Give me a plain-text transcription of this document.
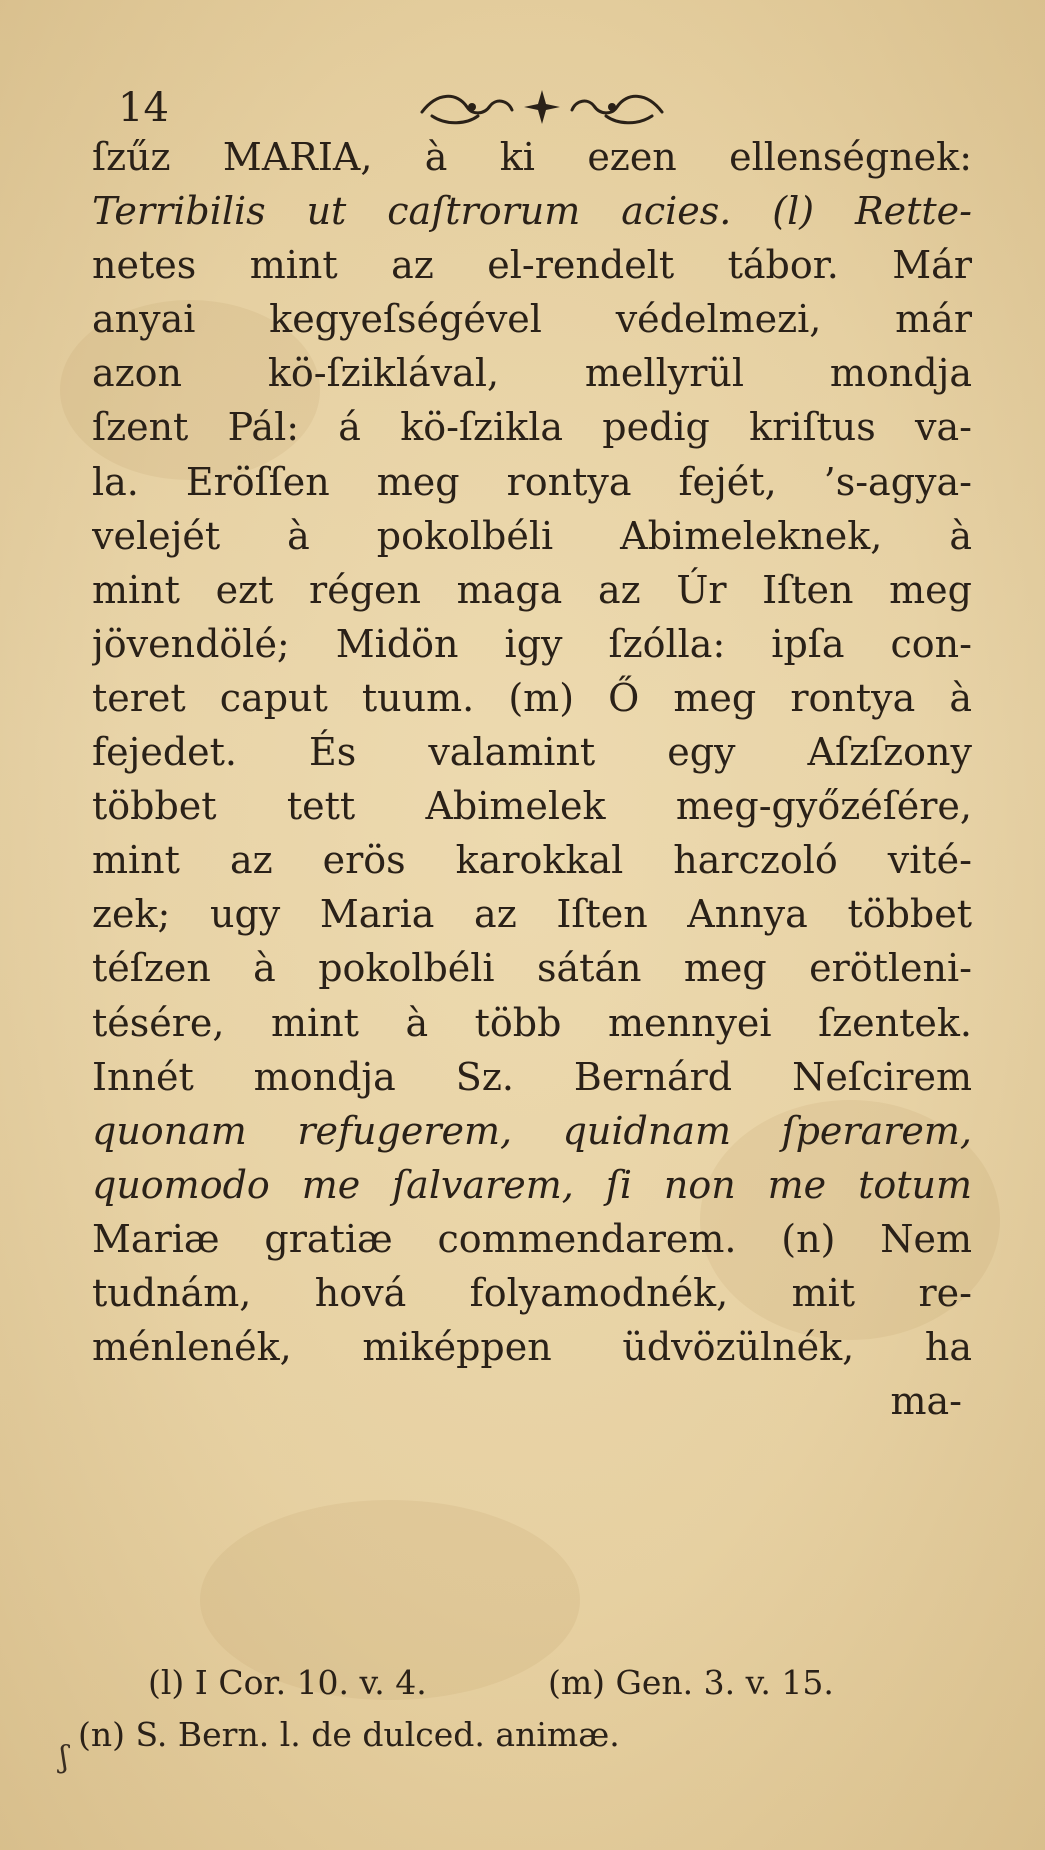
14
ſzűz MARIA, à ki ezen ellenségnek:
Terribilis ut caſtrorum acies. (l) Rette-
netes mint az el-rendelt tábor. Már
anyai kegyeſségével védelmezi, már
azon kö-ſziklával, mellyrül mondja
ſzent Pál: á kö-ſzikla pedig kriſtus va-
la. Eröſſen meg rontya fejét, ’s-agya-
velejét à pokolbéli Abimeleknek, à
mint ezt régen maga az Úr Iſten meg
jövendölé; Midön igy ſzólla: ipſa con-
teret caput tuum. (m) Ő meg rontya à
fejedet. És valamint egy Aſzſzony
többet tett Abimelek meg-győzéſére,
mint az erös karokkal harczoló vité-
zek; ugy Maria az Iſten Annya többet
téſzen à pokolbéli sátán meg erötleni-
tésére, mint à több mennyei ſzentek.
Innét mondja Sz. Bernárd Neſcirem
quonam refugerem, quidnam ſperarem,
quomodo me ſalvarem, ſi non me totum
Mariæ gratiæ commendarem. (n) Nem
tudnám, hová folyamodnék, mit re-
ménlenék, miképpen üdvözülnék, ha
ma-
(l) I Cor. 10. v. 4.	(m) Gen. 3. v. 15.
(n) S. Bern. l. de dulced. animæ.
ʃ
